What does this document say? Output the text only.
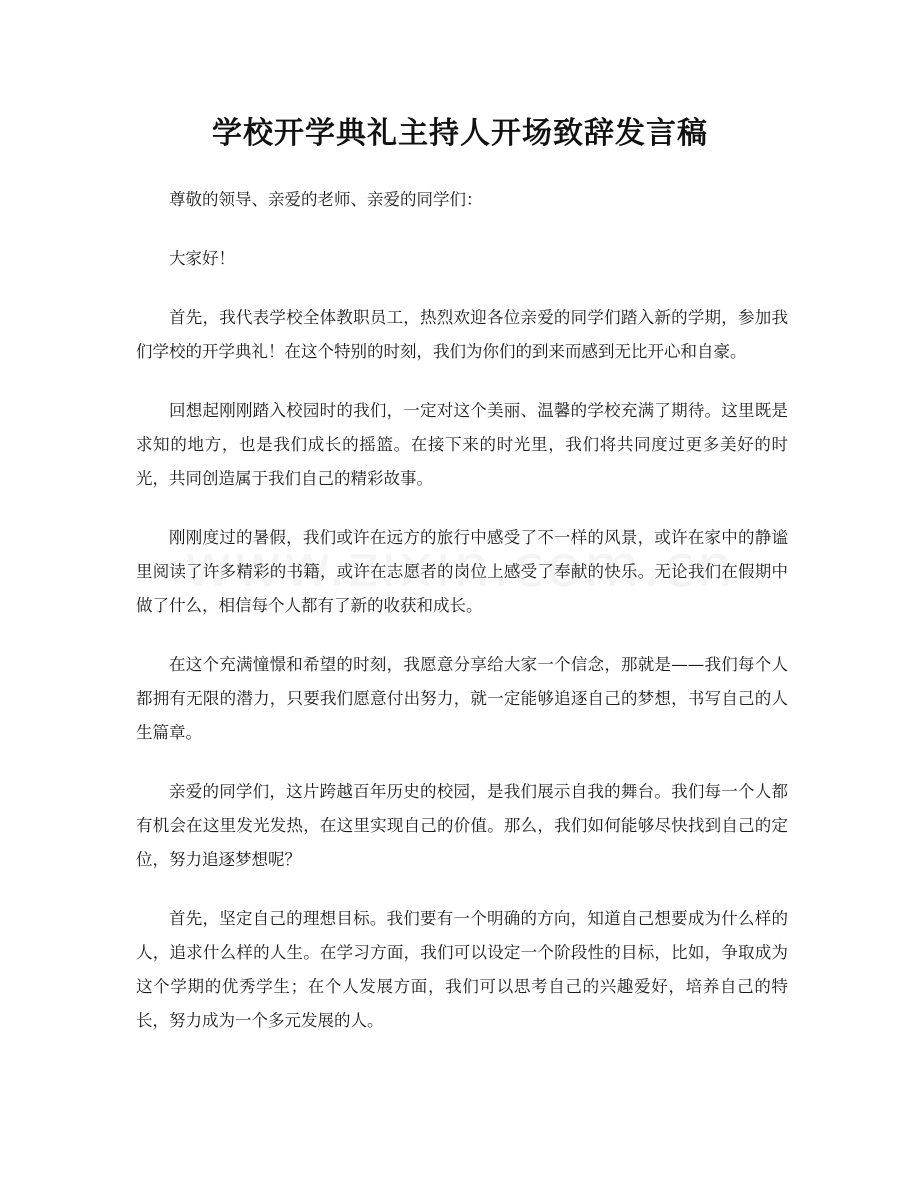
学校开学典礼主持人开场致辞发言稿

尊敬的领导、亲爱的老师、亲爱的同学们：

大家好！

首先，我代表学校全体教职员工，热烈欢迎各位亲爱的同学们踏入新的学期，参加我们学校的开学典礼！在这个特别的时刻，我们为你们的到来而感到无比开心和自豪。

回想起刚刚踏入校园时的我们，一定对这个美丽、温馨的学校充满了期待。这里既是求知的地方，也是我们成长的摇篮。在接下来的时光里，我们将共同度过更多美好的时光，共同创造属于我们自己的精彩故事。

刚刚度过的暑假，我们或许在远方的旅行中感受了不一样的风景，或许在家中的静谧里阅读了许多精彩的书籍，或许在志愿者的岗位上感受了奉献的快乐。无论我们在假期中做了什么，相信每个人都有了新的收获和成长。

在这个充满憧憬和希望的时刻，我愿意分享给大家一个信念，那就是——我们每个人都拥有无限的潜力，只要我们愿意付出努力，就一定能够追逐自己的梦想，书写自己的人生篇章。

亲爱的同学们，这片跨越百年历史的校园，是我们展示自我的舞台。我们每一个人都有机会在这里发光发热，在这里实现自己的价值。那么，我们如何能够尽快找到自己的定位，努力追逐梦想呢？

首先，坚定自己的理想目标。我们要有一个明确的方向，知道自己想要成为什么样的人，追求什么样的人生。在学习方面，我们可以设定一个阶段性的目标，比如，争取成为这个学期的优秀学生；在个人发展方面，我们可以思考自己的兴趣爱好，培养自己的特长，努力成为一个多元发展的人。
